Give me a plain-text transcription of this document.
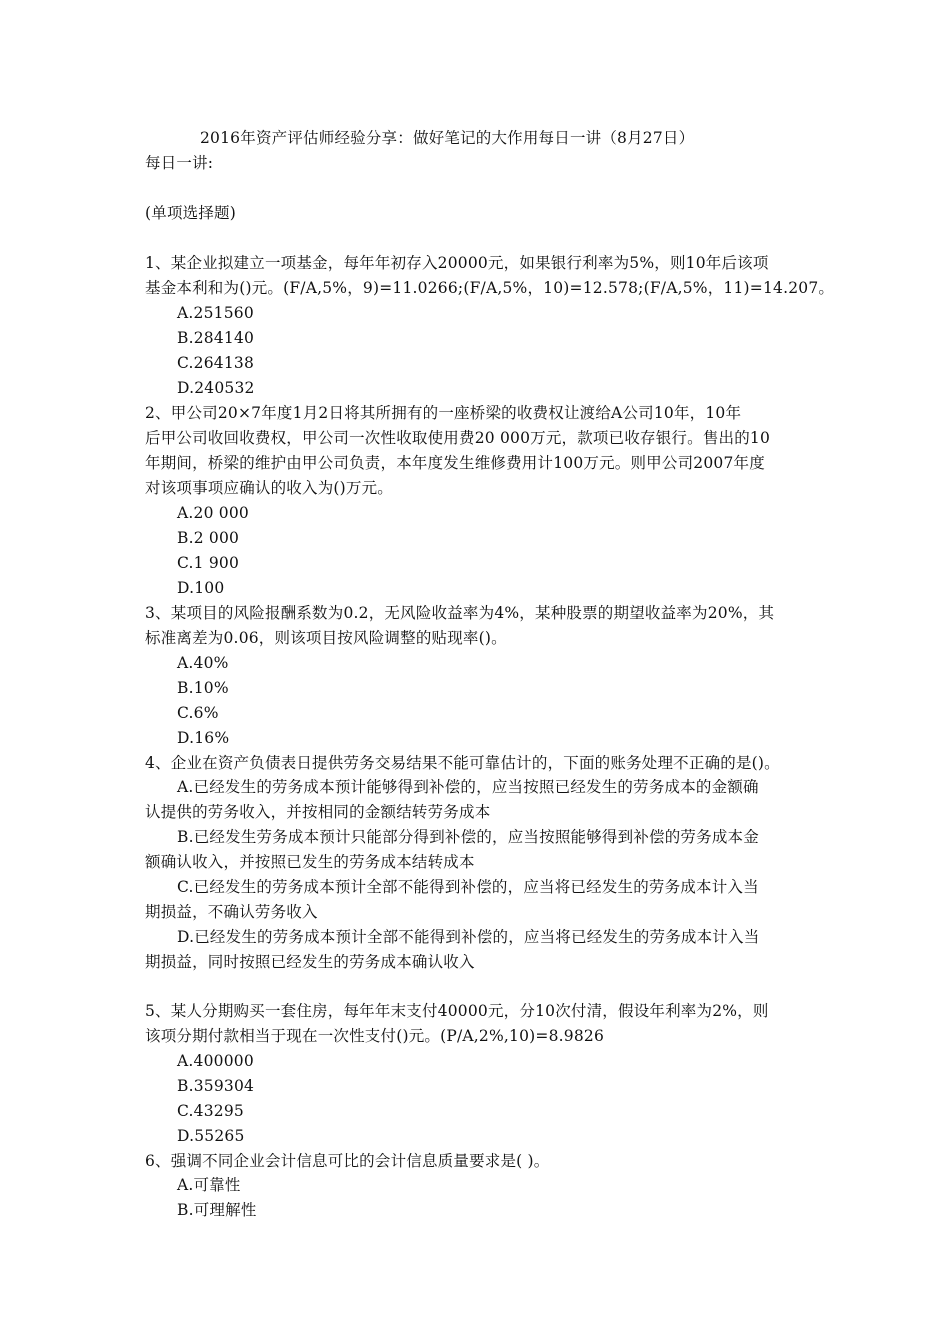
2016年资产评估师经验分享：做好笔记的大作用每日一讲（8月27日）
每日一讲:
(单项选择题)
1、某企业拟建立一项基金，每年年初存入20000元，如果银行利率为5%，则10年后该项
基金本利和为()元。(F/A,5%，9)=11.0266;(F/A,5%，10)=12.578;(F/A,5%，11)=14.207。
A.251560
B.284140
C.264138
D.240532
2、甲公司20×7年度1月2日将其所拥有的一座桥梁的收费权让渡给A公司10年，10年
后甲公司收回收费权，甲公司一次性收取使用费20 000万元，款项已收存银行。售出的10
年期间，桥梁的维护由甲公司负责，本年度发生维修费用计100万元。则甲公司2007年度
对该项事项应确认的收入为()万元。
A.20 000
B.2 000
C.1 900
D.100
3、某项目的风险报酬系数为0.2，无风险收益率为4%，某种股票的期望收益率为20%，其
标准离差为0.06，则该项目按风险调整的贴现率()。
A.40%
B.10%
C.6%
D.16%
4、企业在资产负债表日提供劳务交易结果不能可靠估计的，下面的账务处理不正确的是()。
A.已经发生的劳务成本预计能够得到补偿的，应当按照已经发生的劳务成本的金额确
认提供的劳务收入，并按相同的金额结转劳务成本
B.已经发生劳务成本预计只能部分得到补偿的，应当按照能够得到补偿的劳务成本金
额确认收入，并按照已发生的劳务成本结转成本
C.已经发生的劳务成本预计全部不能得到补偿的，应当将已经发生的劳务成本计入当
期损益，不确认劳务收入
D.已经发生的劳务成本预计全部不能得到补偿的，应当将已经发生的劳务成本计入当
期损益，同时按照已经发生的劳务成本确认收入
5、某人分期购买一套住房，每年年末支付40000元，分10次付清，假设年利率为2%，则
该项分期付款相当于现在一次性支付()元。(P/A,2%,10)=8.9826
A.400000
B.359304
C.43295
D.55265
6、强调不同企业会计信息可比的会计信息质量要求是( )。
A.可靠性
B.可理解性
